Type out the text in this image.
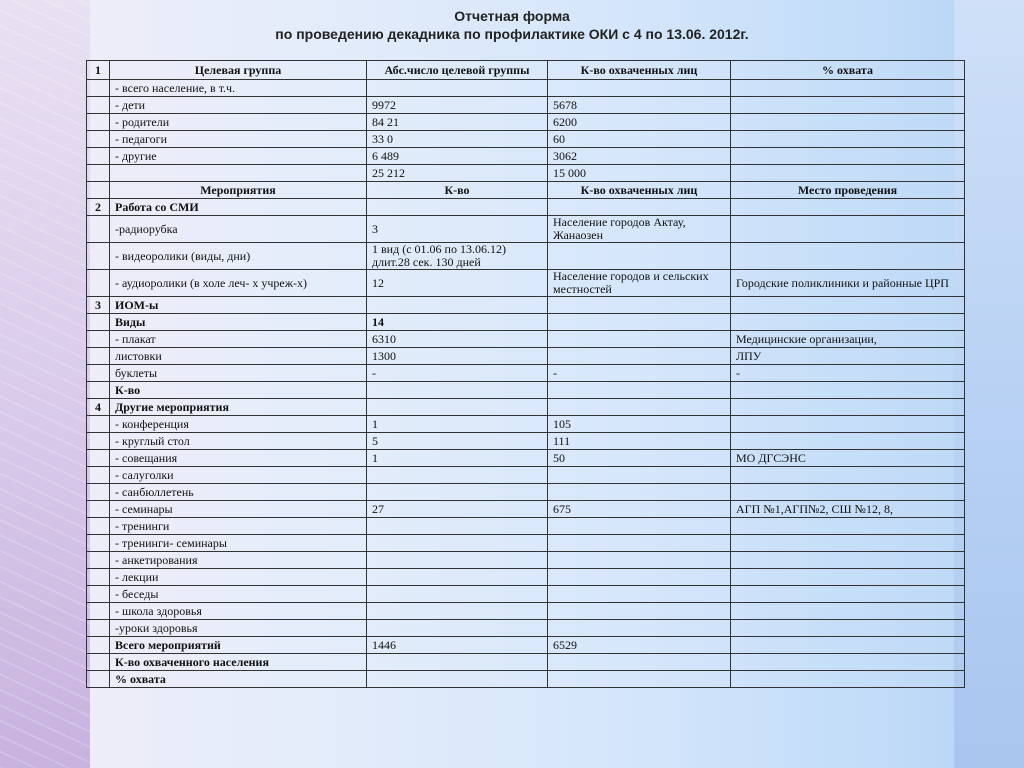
Отчетная форма
по проведению декадника по профилактике ОКИ с 4 по 13.06. 2012г.
1	Целевая группа	Абс.число целевой группы	К-во охваченных лиц	% охвата
	- всего население, в т.ч.			
	- дети	9972	5678	
	- родители	84 21	6200	
	- педагоги	33 0	60	
	- другие	6 489	3062	
		25 212	15 000	
	Мероприятия	К-во	К-во охваченных лиц	Место проведения
2	Работа со СМИ			
	-радиорубка	3	Население городов Актау, Жанаозен	
	- видеоролики (виды, дни)	1 вид (с 01.06 по 13.06.12) длит.28 сек. 130 дней		
	- аудиоролики (в холе леч- х учреж-х)	12	Население городов и сельских местностей	Городские поликлиники и районные ЦРП
3	ИОМ-ы			
	Виды	14		
	- плакат	6310		Медицинские организации,
	листовки	1300		ЛПУ
	буклеты	-	-	-
	К-во			
4	Другие мероприятия			
	- конференция	1	105	
	- круглый стол	5	111	
	- совещания	1	50	МО ДГСЭНС
	- салуголки			
	- санбюллетень			
	- семинары	27	675	АГП №1,АГП№2, СШ №12, 8,
	- тренинги			
	- тренинги- семинары			
	- анкетирования			
	- лекции			
	- беседы			
	- школа здоровья			
	-уроки здоровья			
	Всего мероприятий	1446	6529	
	К-во охваченного населения			
	% охвата			
